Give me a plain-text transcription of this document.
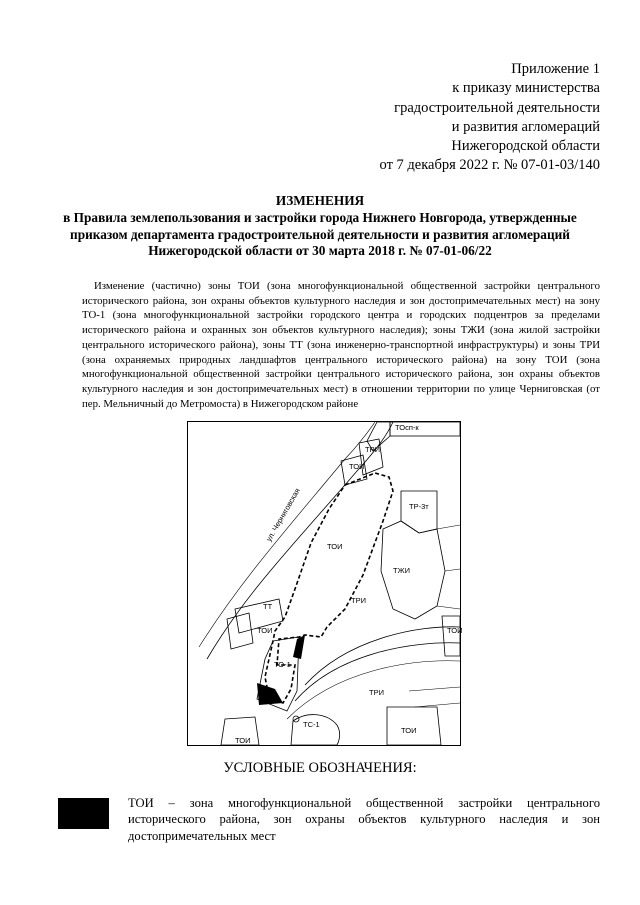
Приложение 1
к приказу министерства
градостроительной деятельности
и развития агломераций
Нижегородской области
от 7 декабря 2022 г. № 07-01-03/140
ИЗМЕНЕНИЯ
в Правила землепользования и застройки города Нижнего Новгорода, утвержденные
приказом департамента градостроительной деятельности и развития агломераций
Нижегородской области от 30 марта 2018 г. № 07-01-06/22
Изменение (частично) зоны ТОИ (зона многофункциональной общественной застройки центрального
исторического района, зон охраны объектов культурного наследия и зон достопримечательных мест) на зону
ТО-1 (зона многофункциональной застройки городского центра и городских подцентров за пределами
исторического района и охранных зон объектов культурного наследия); зоны ТЖИ (зона жилой застройки
центрального исторического района), зоны ТТ (зона инженерно-транспортной инфраструктуры) и зоны ТРИ
(зона охраняемых природных ландшафтов центрального исторического района) на зону ТОИ (зона
многофункциональной общественной застройки центрального исторического района, зон охраны объектов
культурного наследия и зон достопримечательных мест) в отношении территории по улице Черниговская (от
пер. Мельничный до Метромоста) в Нижегородском районе
ТОсп-к
ТРИ
ТОИ
ТР-3т
ул. Черниговская
ТОИ
ТЖИ
ТРИ
ТТ
ТОИ	ТОИ
ТО-1
ТРИ
ТС-1
ТОИ
ТОИ
УСЛОВНЫЕ ОБОЗНАЧЕНИЯ:
ТОИ – зона многофункциональной общественной застройки центрального
исторического района, зон охраны объектов культурного наследия и зон
достопримечательных мест
